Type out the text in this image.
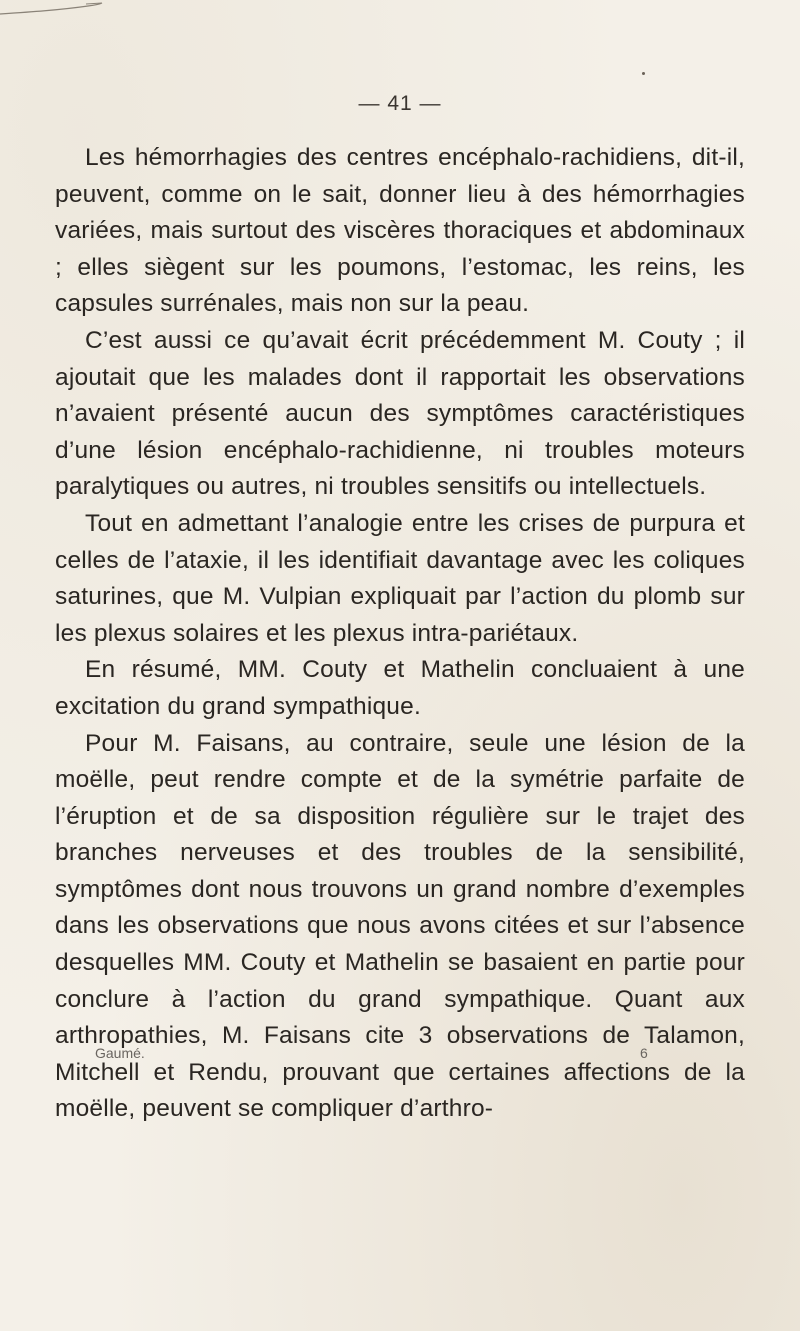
— 41 —

Les hémorrhagies des centres encéphalo-rachidiens, dit-il, peuvent, comme on le sait, donner lieu à des hémorrhagies variées, mais surtout des viscères thoraciques et abdominaux ; elles siègent sur les poumons, l’estomac, les reins, les capsules surrénales, mais non sur la peau.

C’est aussi ce qu’avait écrit précédemment M. Couty ; il ajoutait que les malades dont il rapportait les observations n’avaient présenté aucun des symptômes caractéristiques d’une lésion encéphalo-rachidienne, ni troubles moteurs paralytiques ou autres, ni troubles sensitifs ou intellectuels.

Tout en admettant l’analogie entre les crises de purpura et celles de l’ataxie, il les identifiait davantage avec les coliques saturines, que M. Vulpian expliquait par l’action du plomb sur les plexus solaires et les plexus intra-pariétaux.

En résumé, MM. Couty et Mathelin concluaient à une excitation du grand sympathique.

Pour M. Faisans, au contraire, seule une lésion de la moëlle, peut rendre compte et de la symétrie parfaite de l’éruption et de sa disposition régulière sur le trajet des branches nerveuses et des troubles de la sensibilité, symptômes dont nous trouvons un grand nombre d’exemples dans les observations que nous avons citées et sur l’absence desquelles MM. Couty et Mathelin se basaient en partie pour conclure à l’action du grand sympathique. Quant aux arthropathies, M. Faisans cite 3 observations de Talamon, Mitchell et Rendu, prouvant que certaines affections de la moëlle, peuvent se compliquer d’arthro-

Gaumé.	6
